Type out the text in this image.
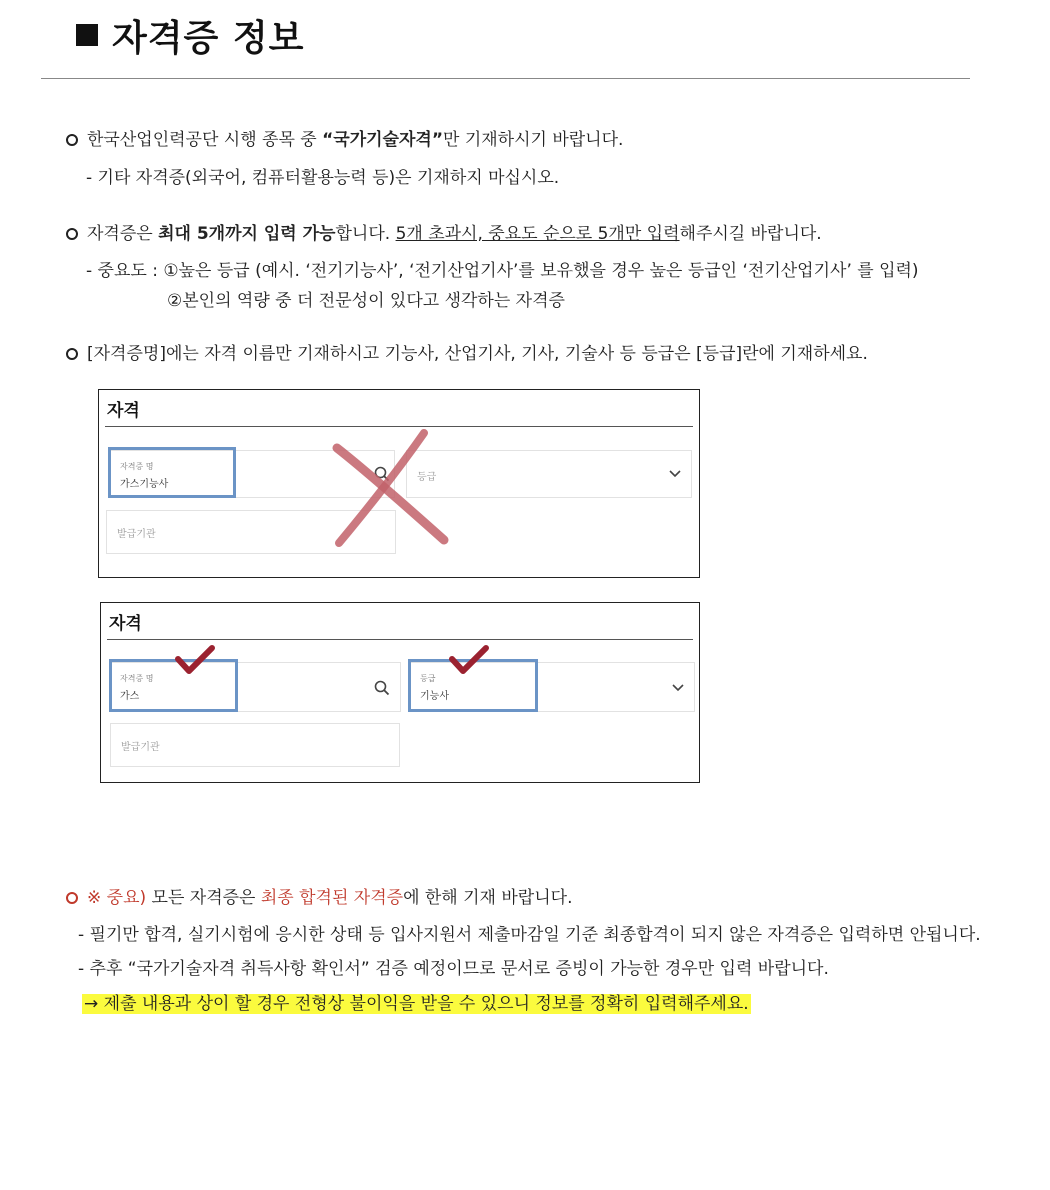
자격증 정보
한국산업인력공단 시행 종목 중 “국가기술자격”만 기재하시기 바랍니다.
- 기타 자격증(외국어, 컴퓨터활용능력 등)은 기재하지 마십시오.
자격증은 최대 5개까지 입력 가능합니다. 5개 초과시, 중요도 순으로 5개만 입력해주시길 바랍니다.
- 중요도 : ①높은 등급 (예시. ‘전기기능사’, ‘전기산업기사’를 보유했을 경우 높은 등급인 ‘전기산업기사’ 를 입력)
②본인의 역량 중 더 전문성이 있다고 생각하는 자격증
[자격증명]에는 자격 이름만 기재하시고 기능사, 산업기사, 기사, 기술사 등 등급은 [등급]란에 기재하세요.
자격
자격증 명
가스기능사
등급
발급기관
자격
자격증 명
가스
등급
기능사
발급기관
※ 중요) 모든 자격증은 최종 합격된 자격증에 한해 기재 바랍니다.
- 필기만 합격, 실기시험에 응시한 상태 등 입사지원서 제출마감일 기준 최종합격이 되지 않은 자격증은 입력하면 안됩니다.
- 추후 “국가기술자격 취득사항 확인서” 검증 예정이므로 문서로 증빙이 가능한 경우만 입력 바랍니다.
→ 제출 내용과 상이 할 경우 전형상 불이익을 받을 수 있으니 정보를 정확히 입력해주세요.
